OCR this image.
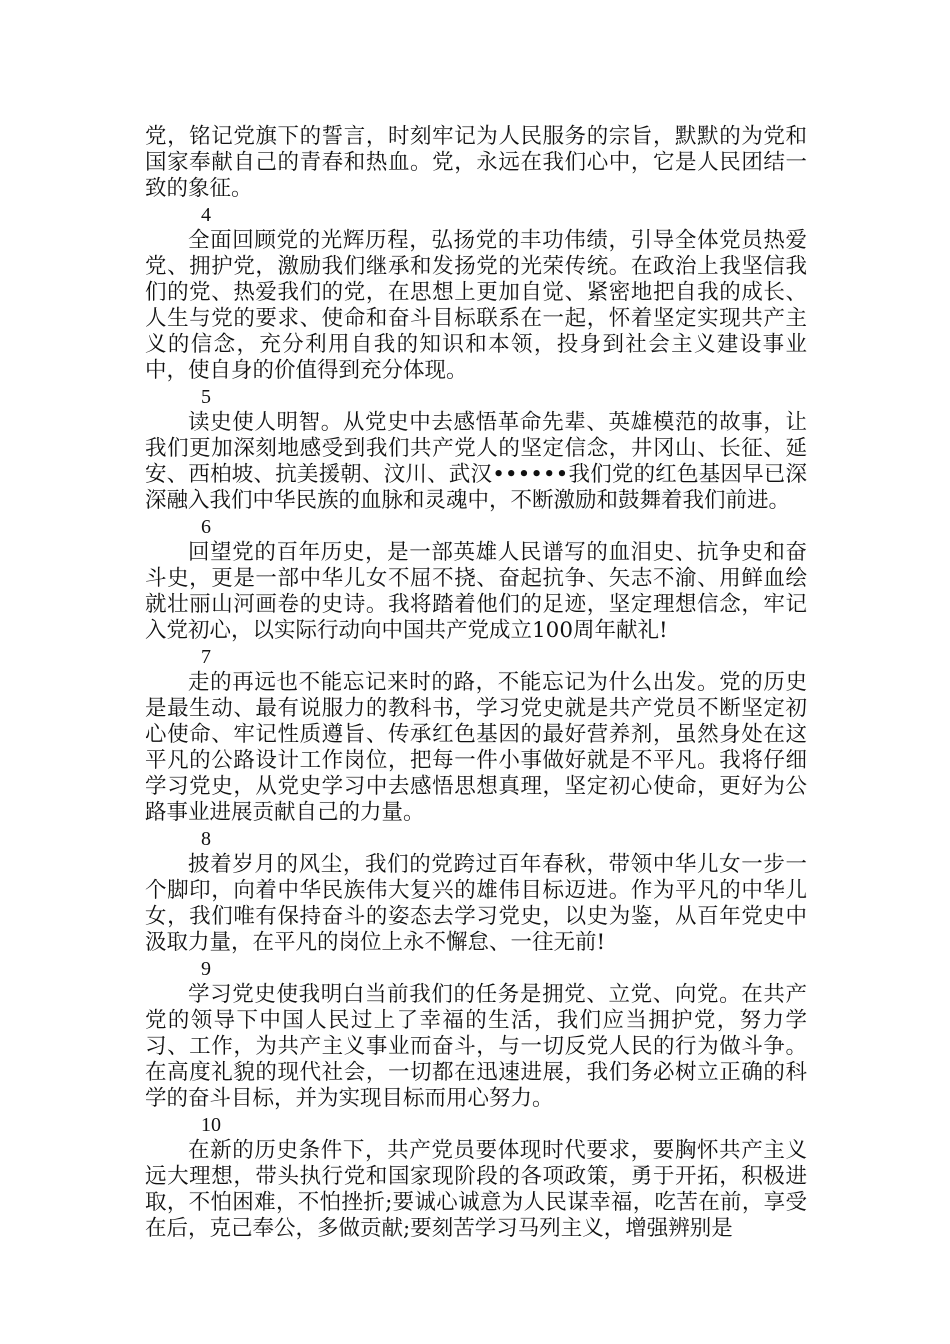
党，铭记党旗下的誓言，时刻牢记为人民服务的宗旨，默默的为党和国家奉献自己的青春和热血。党，永远在我们心中，它是人民团结一致的象征。

4

全面回顾党的光辉历程，弘扬党的丰功伟绩，引导全体党员热爱党、拥护党，激励我们继承和发扬党的光荣传统。在政治上我坚信我们的党、热爱我们的党，在思想上更加自觉、紧密地把自我的成长、人生与党的要求、使命和奋斗目标联系在一起，怀着坚定实现共产主义的信念，充分利用自我的知识和本领，投身到社会主义建设事业中，使自身的价值得到充分体现。

5

读史使人明智。从党史中去感悟革命先辈、英雄模范的故事，让我们更加深刻地感受到我们共产党人的坚定信念，井冈山、长征、延安、西柏坡、抗美援朝、汶川、武汉••••••我们党的红色基因早已深深融入我们中华民族的血脉和灵魂中，不断激励和鼓舞着我们前进。

6

回望党的百年历史，是一部英雄人民谱写的血泪史、抗争史和奋斗史，更是一部中华儿女不屈不挠、奋起抗争、矢志不渝、用鲜血绘就壮丽山河画卷的史诗。我将踏着他们的足迹，坚定理想信念，牢记入党初心，以实际行动向中国共产党成立100周年献礼!

7

走的再远也不能忘记来时的路，不能忘记为什么出发。党的历史是最生动、最有说服力的教科书，学习党史就是共产党员不断坚定初心使命、牢记性质遵旨、传承红色基因的最好营养剂，虽然身处在这平凡的公路设计工作岗位，把每一件小事做好就是不平凡。我将仔细学习党史，从党史学习中去感悟思想真理，坚定初心使命，更好为公路事业进展贡献自己的力量。

8

披着岁月的风尘，我们的党跨过百年春秋，带领中华儿女一步一个脚印，向着中华民族伟大复兴的雄伟目标迈进。作为平凡的中华儿女，我们唯有保持奋斗的姿态去学习党史，以史为鉴，从百年党史中汲取力量，在平凡的岗位上永不懈怠、一往无前!

9

学习党史使我明白当前我们的任务是拥党、立党、向党。在共产党的领导下中国人民过上了幸福的生活，我们应当拥护党，努力学习、工作，为共产主义事业而奋斗，与一切反党人民的行为做斗争。在高度礼貌的现代社会，一切都在迅速进展，我们务必树立正确的科学的奋斗目标，并为实现目标而用心努力。

10

在新的历史条件下，共产党员要体现时代要求，要胸怀共产主义远大理想，带头执行党和国家现阶段的各项政策，勇于开拓，积极进取，不怕困难，不怕挫折;要诚心诚意为人民谋幸福，吃苦在前，享受在后，克己奉公，多做贡献;要刻苦学习马列主义，增强辨别是
